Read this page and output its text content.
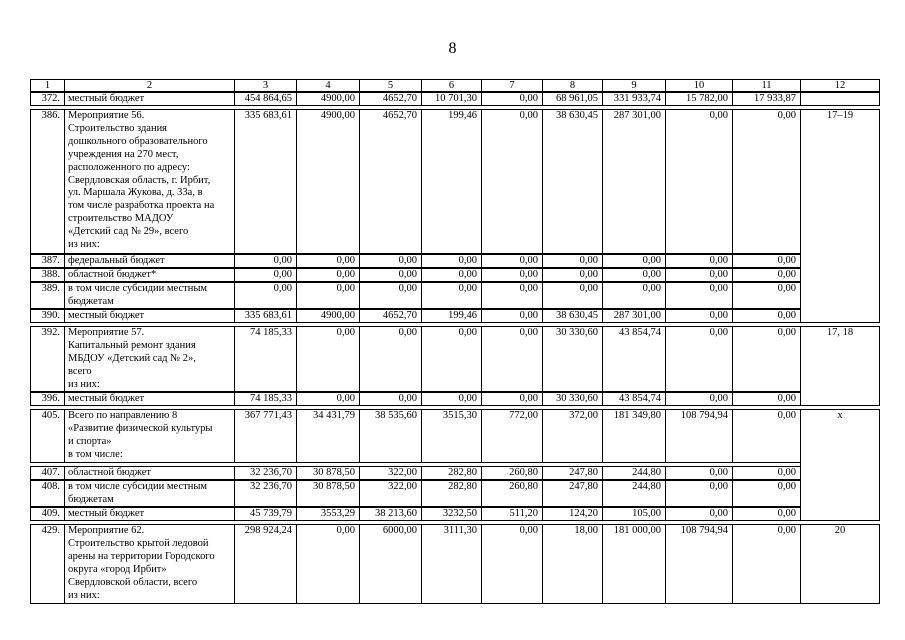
8
1	2	3	4	5	6	7	8	9	10	11	12
372. местный бюджет	454 864,65	4900,00	4652,70	10 701,30	0,00	68 961,05	331 933,74	15 782,00	17 933,87
386. Мероприятие 56.
Строительство здания
дошкольного образовательного
учреждения на 270 мест,
расположенного по адресу:
Свердловская область, г. Ирбит,
ул. Маршала Жукова, д. 33а, в
том числе разработка проекта на
строительство МАДОУ
«Детский сад № 29», всего
из них:
335 683,61	4900,00	4652,70	199,46	0,00	38 630,45	287 301,00	0,00	0,00	17–19
387. федеральный бюджет	0,00	0,00	0,00	0,00	0,00	0,00	0,00	0,00	0,00
388. областной бюджет*	0,00	0,00	0,00	0,00	0,00	0,00	0,00	0,00	0,00
389. в том числе субсидии местным
бюджетам
0,00	0,00	0,00	0,00	0,00	0,00	0,00	0,00	0,00
390. местный бюджет	335 683,61	4900,00	4652,70	199,46	0,00	38 630,45	287 301,00	0,00	0,00
392. Мероприятие 57.
Капитальный ремонт здания
МБДОУ «Детский сад № 2»,
всего
из них:
74 185,33	0,00	0,00	0,00	0,00	30 330,60	43 854,74	0,00	0,00	17, 18
396. местный бюджет	74 185,33	0,00	0,00	0,00	0,00	30 330,60	43 854,74	0,00	0,00
405. Всего по направлению 8
«Развитие физической культуры
и спорта»
в том числе:
367 771,43	34 431,79	38 535,60	3515,30	772,00	372,00	181 349,80	108 794,94	0,00	x
407. областной бюджет	32 236,70	30 878,50	322,00	282,80	260,80	247,80	244,80	0,00	0,00
408. в том числе субсидии местным
бюджетам
32 236,70	30 878,50	322,00	282,80	260,80	247,80	244,80	0,00	0,00
409. местный бюджет	45 739,79	3553,29	38 213,60	3232,50	511,20	124,20	105,00	0,00	0,00
429. Мероприятие 62.
Строительство крытой ледовой
арены на территории Городского
округа «город Ирбит»
Свердловской области, всего
из них:
298 924,24	0,00	6000,00	3111,30	0,00	18,00	181 000,00	108 794,94	0,00	20
